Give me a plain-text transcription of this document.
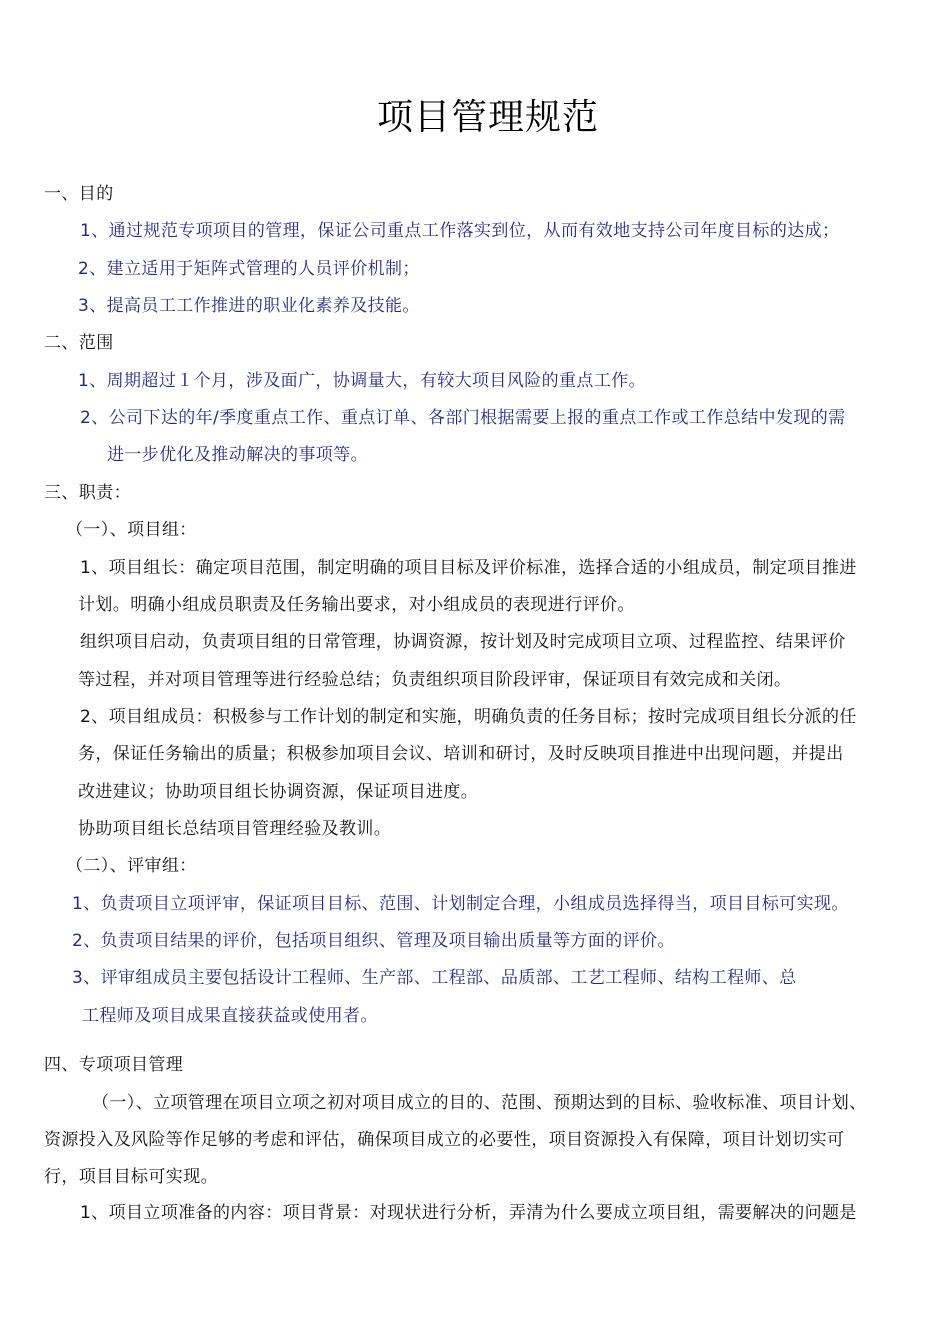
项目管理规范
一、目的
1、通过规范专项项目的管理，保证公司重点工作落实到位，从而有效地支持公司年度目标的达成；
2、建立适用于矩阵式管理的人员评价机制；
3、提高员工工作推进的职业化素养及技能。
二、范围
1、周期超过１个月，涉及面广，协调量大，有较大项目风险的重点工作。
2、公司下达的年/季度重点工作、重点订单、各部门根据需要上报的重点工作或工作总结中发现的需
进一步优化及推动解决的事项等。
三、职责：
（一）、项目组：
1、项目组长：确定项目范围，制定明确的项目目标及评价标准，选择合适的小组成员，制定项目推进
计划。明确小组成员职责及任务输出要求，对小组成员的表现进行评价。
组织项目启动，负责项目组的日常管理，协调资源，按计划及时完成项目立项、过程监控、结果评价
等过程，并对项目管理等进行经验总结；负责组织项目阶段评审，保证项目有效完成和关闭。
2、项目组成员：积极参与工作计划的制定和实施，明确负责的任务目标；按时完成项目组长分派的任
务，保证任务输出的质量；积极参加项目会议、培训和研讨，及时反映项目推进中出现问题，并提出
改进建议；协助项目组长协调资源，保证项目进度。
协助项目组长总结项目管理经验及教训。
（二）、评审组：
1、负责项目立项评审，保证项目目标、范围、计划制定合理，小组成员选择得当，项目目标可实现。
2、负责项目结果的评价，包括项目组织、管理及项目输出质量等方面的评价。
3、评审组成员主要包括设计工程师、生产部、工程部、品质部、工艺工程师、结构工程师、总
工程师及项目成果直接获益或使用者。
四、专项项目管理
（一）、立项管理在项目立项之初对项目成立的目的、范围、预期达到的目标、验收标准、项目计划、
资源投入及风险等作足够的考虑和评估，确保项目成立的必要性，项目资源投入有保障，项目计划切实可
行，项目目标可实现。
1、项目立项准备的内容：项目背景：对现状进行分析，弄清为什么要成立项目组，需要解决的问题是
